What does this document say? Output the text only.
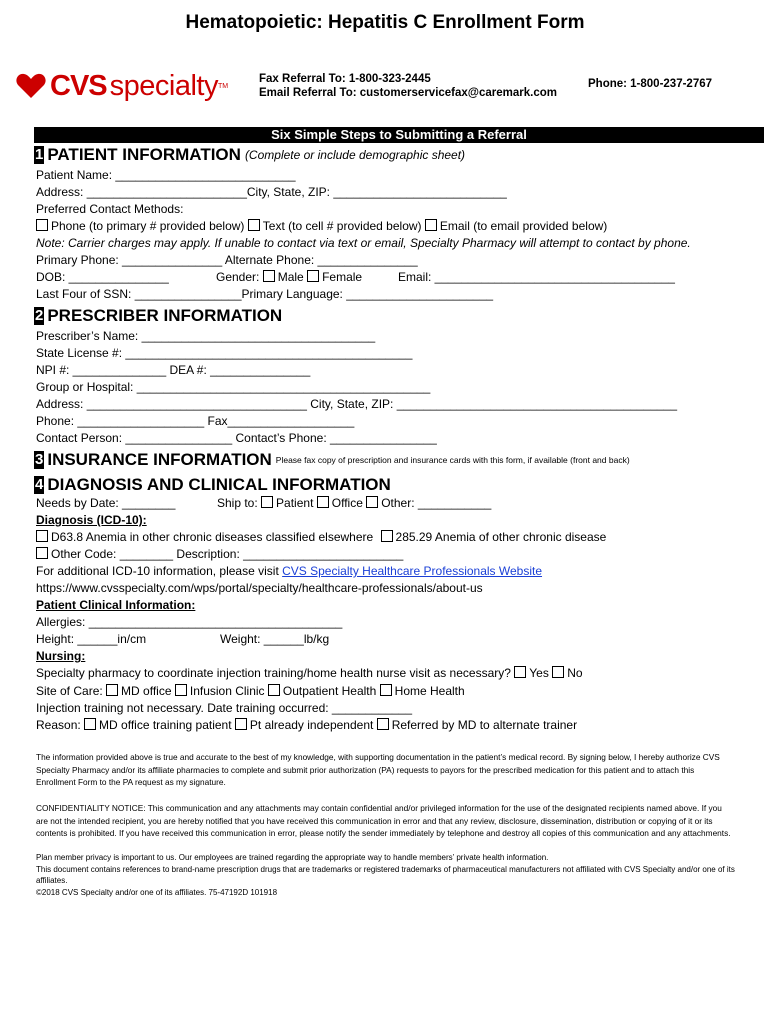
Hematopoietic: Hepatitis C Enrollment Form
CVS specialty TM
Fax Referral To: 1-800-323-2445
Email Referral To: customerservicefax@caremark.com
Phone: 1-800-237-2767
Six Simple Steps to Submitting a Referral
1 PATIENT INFORMATION (Complete or include demographic sheet)
Patient Name: ___________________________
Address: ________________________City, State, ZIP: __________________________
Preferred Contact Methods:
Phone (to primary # provided below) Text (to cell # provided below) Email (to email provided below)
Note: Carrier charges may apply. If unable to contact via text or email, Specialty Pharmacy will attempt to contact by phone.
Primary Phone: _______________ Alternate Phone: _______________
DOB: _______________	Gender: Male Female	Email: ____________________________________
Last Four of SSN: ________________Primary Language: ______________________
2 PRESCRIBER INFORMATION
Prescriber’s Name: ___________________________________
State License #: ___________________________________________
NPI #: ______________ DEA #: _______________
Group or Hospital: ____________________________________________
Address: _________________________________ City, State, ZIP: __________________________________________
Phone: ___________________ Fax___________________
Contact Person: ________________ Contact’s Phone: ________________
3 INSURANCE INFORMATION Please fax copy of prescription and insurance cards with this form, if available (front and back)
4 DIAGNOSIS AND CLINICAL INFORMATION
Needs by Date: ________	Ship to: Patient Office Other: ___________
Diagnosis (ICD-10):
D63.8 Anemia in other chronic diseases classified elsewhere 285.29 Anemia of other chronic disease
Other Code: ________ Description: ________________________
For additional ICD-10 information, please visit CVS Specialty Healthcare Professionals Website
https://www.cvsspecialty.com/wps/portal/specialty/healthcare-professionals/about-us
Patient Clinical Information:
Allergies: ______________________________________
Height: ______in/cm	Weight: ______lb/kg
Nursing:
Specialty pharmacy to coordinate injection training/home health nurse visit as necessary? Yes No
Site of Care: MD office Infusion Clinic Outpatient Health Home Health
Injection training not necessary. Date training occurred: ____________
Reason: MD office training patient Pt already independent Referred by MD to alternate trainer
The information provided above is true and accurate to the best of my knowledge, with supporting documentation in the patient’s medical record. By signing below, I hereby authorize CVS Specialty Pharmacy and/or its affiliate pharmacies to complete and submit prior authorization (PA) requests to payors for the prescribed medication for this patient and to attach this Enrollment Form to the PA request as my signature.
CONFIDENTIALITY NOTICE: This communication and any attachments may contain confidential and/or privileged information for the use of the designated recipients named above. If you are not the intended recipient, you are hereby notified that you have received this communication in error and that any review, disclosure, dissemination, distribution or copying of it or its contents is prohibited. If you have received this communication in error, please notify the sender immediately by telephone and destroy all copies of this communication and any attachments.
Plan member privacy is important to us. Our employees are trained regarding the appropriate way to handle members’ private health information.
This document contains references to brand-name prescription drugs that are trademarks or registered trademarks of pharmaceutical manufacturers not affiliated with CVS Specialty and/or one of its affiliates.
©2018 CVS Specialty and/or one of its affiliates. 75-47192D 101918
